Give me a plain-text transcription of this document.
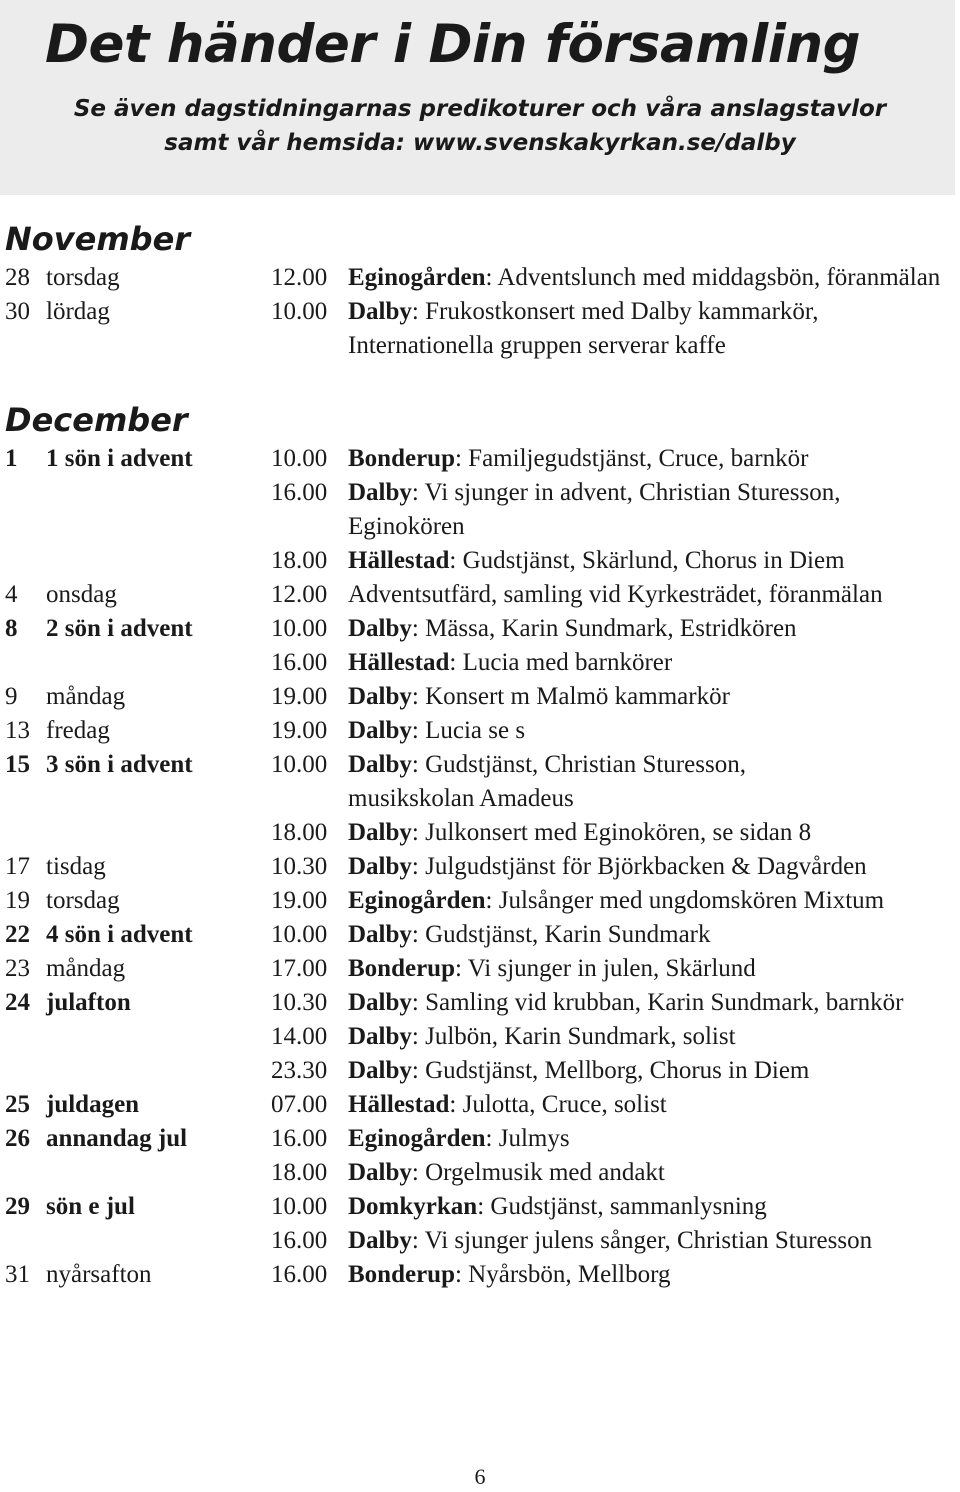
Det händer i Din församling
Se även dagstidningarnas predikoturer och våra anslagstavlor
samt vår hemsida: www.svenskakyrkan.se/dalby
November
28 torsdag	12.00 Eginogården: Adventslunch med middagsbön, föranmälan
30 lördag	10.00 Dalby: Frukostkonsert med Dalby kammarkör,
Internationella gruppen serverar kaffe
December
1 1 sön i advent	10.00 Bonderup: Familjegudstjänst, Cruce, barnkör
16.00 Dalby: Vi sjunger in advent, Christian Sturesson,
Eginokören
18.00 Hällestad: Gudstjänst, Skärlund, Chorus in Diem
4 onsdag	12.00 Adventsutfärd, samling vid Kyrkesträdet, föranmälan
8 2 sön i advent	10.00 Dalby: Mässa, Karin Sundmark, Estridkören
16.00 Hällestad: Lucia med barnkörer
9 måndag	19.00 Dalby: Konsert m Malmö kammarkör
13 fredag	19.00 Dalby: Lucia se s
15 3 sön i advent	10.00 Dalby: Gudstjänst, Christian Sturesson,
musikskolan Amadeus
18.00 Dalby: Julkonsert med Eginokören, se sidan 8
17 tisdag	10.30 Dalby: Julgudstjänst för Björkbacken & Dagvården
19 torsdag	19.00 Eginogården: Julsånger med ungdomskören Mixtum
22 4 sön i advent	10.00 Dalby: Gudstjänst, Karin Sundmark
23 måndag	17.00 Bonderup: Vi sjunger in julen, Skärlund
24 julafton	10.30 Dalby: Samling vid krubban, Karin Sundmark, barnkör
14.00 Dalby: Julbön, Karin Sundmark, solist
23.30 Dalby: Gudstjänst, Mellborg, Chorus in Diem
25 juldagen	07.00 Hällestad: Julotta, Cruce, solist
26 annandag jul	16.00 Eginogården: Julmys
18.00 Dalby: Orgelmusik med andakt
29 sön e jul	10.00 Domkyrkan: Gudstjänst, sammanlysning
16.00 Dalby: Vi sjunger julens sånger, Christian Sturesson
31 nyårsafton	16.00 Bonderup: Nyårsbön, Mellborg
6
